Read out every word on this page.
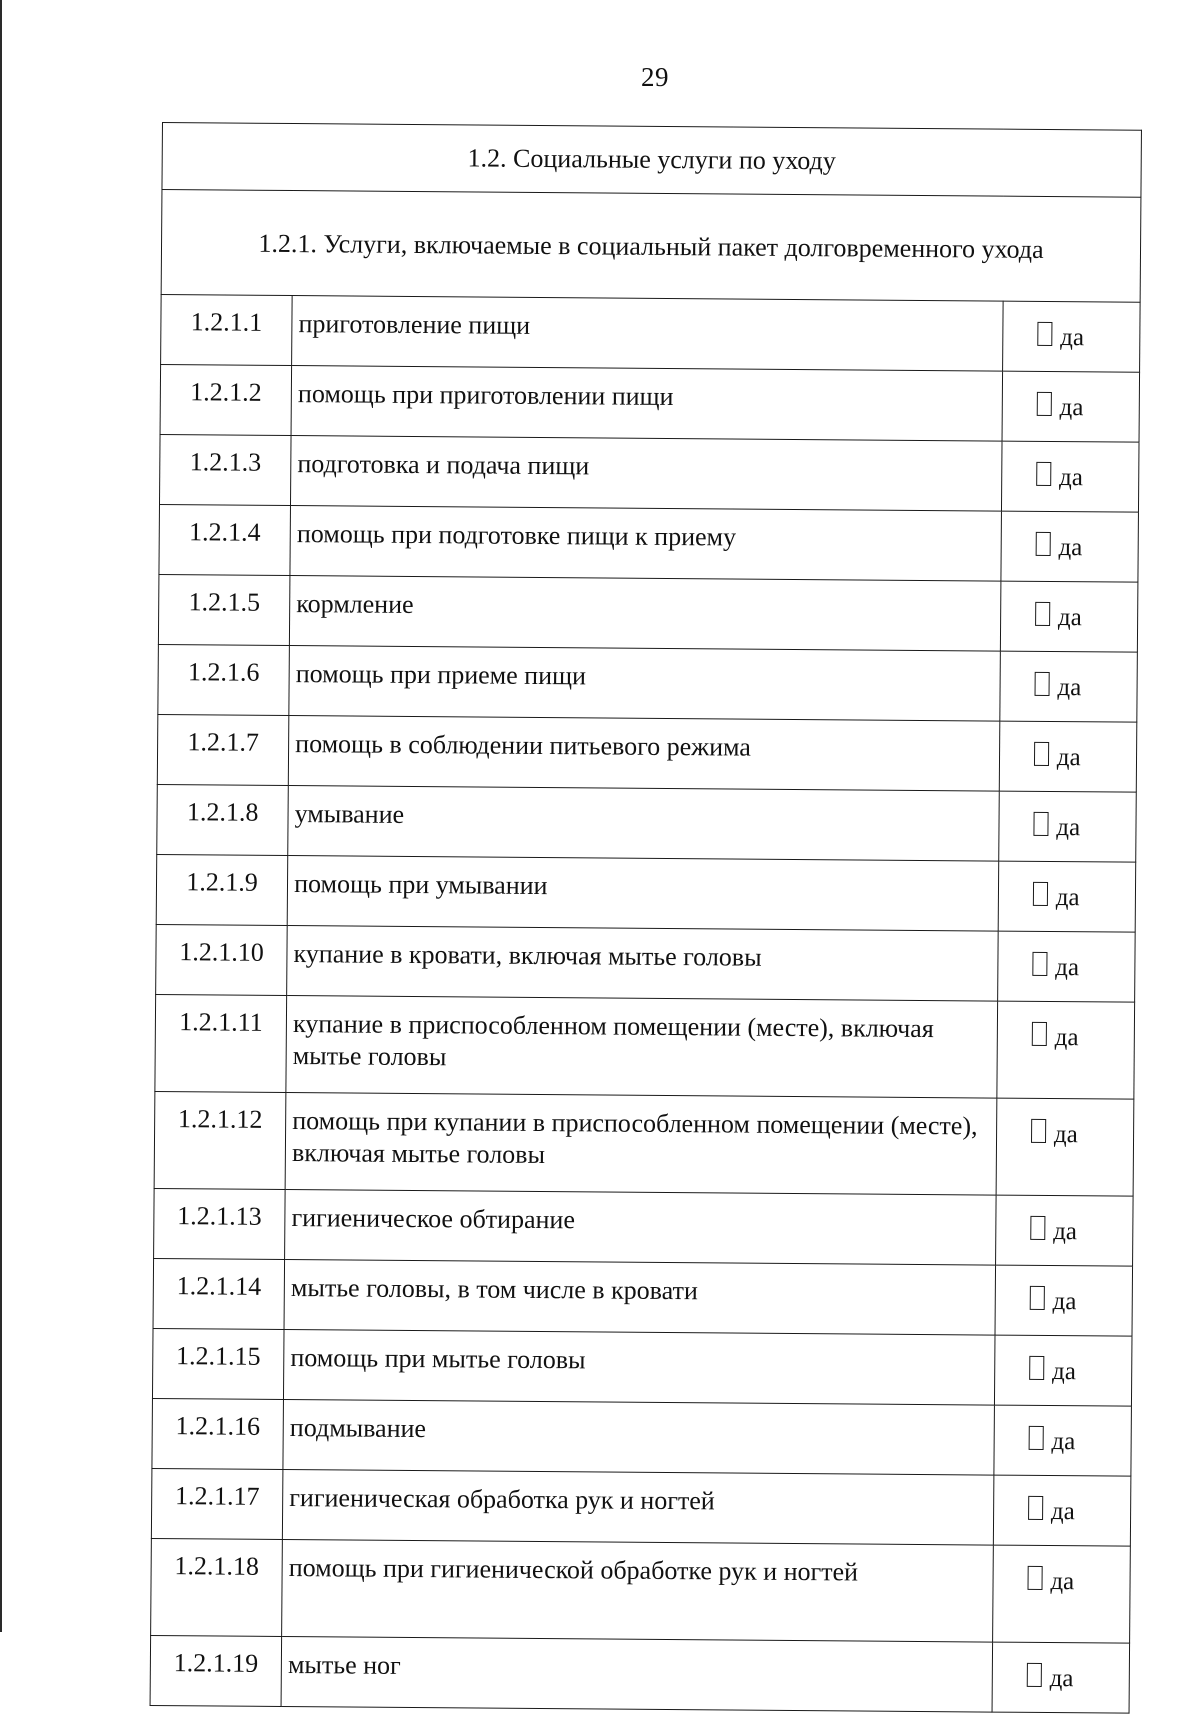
29
1.2. Социальные услуги по уходу		
1.2.1. Услуги, включаемые в социальный пакет долговременного ухода		
1.2.1.1	приготовление пищи	да

1.2.1.2	помощь при приготовлении пищи	да

1.2.1.3	подготовка и подача пищи	да

1.2.1.4	помощь при подготовке пищи к приему	да

1.2.1.5	кормление	да

1.2.1.6	помощь при приеме пищи	да

1.2.1.7	помощь в соблюдении питьевого режима	да

1.2.1.8	умывание	да

1.2.1.9	помощь при умывании	да

1.2.1.10	купание в кровати, включая мытье головы	да

1.2.1.11	купание в приспособленном помещении (месте), включая мытье головы	да

1.2.1.12	помощь при купании в приспособленном помещении (месте), включая мытье головы	да

1.2.1.13	гигиеническое обтирание	да

1.2.1.14	мытье головы, в том числе в кровати	да

1.2.1.15	помощь при мытье головы	да

1.2.1.16	подмывание	да

1.2.1.17	гигиеническая обработка рук и ногтей	да

1.2.1.18	помощь при гигиенической обработке рук и ногтей	да

1.2.1.19	мытье ног	да
